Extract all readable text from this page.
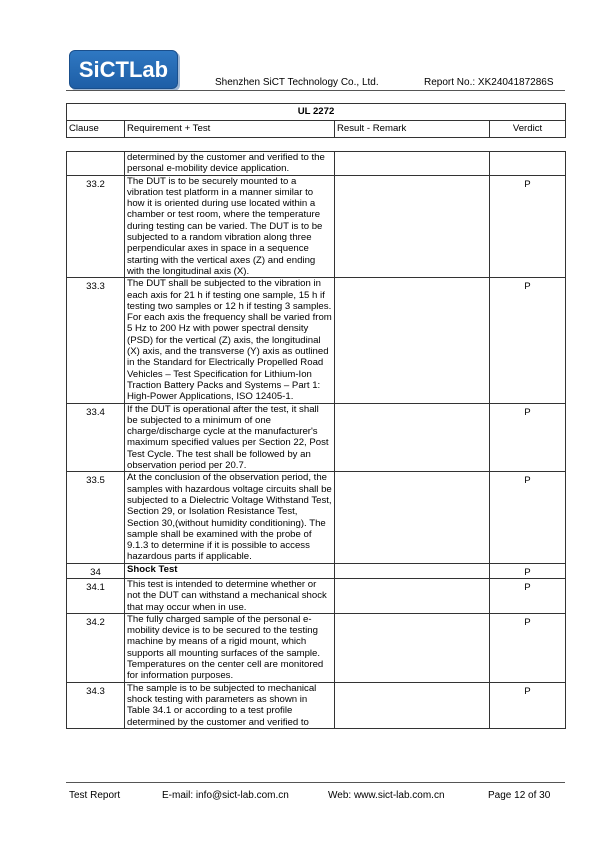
SiCTLab
Shenzhen SiCT Technology Co., Ltd.	Report No.: XK2404187286S
UL 2272
Clause	Requirement + Test	Result - Remark	Verdict
	determined by the customer and verified to the personal e-mobility device application.		
33.2	The DUT is to be securely mounted to a vibration test platform in a manner similar to how it is oriented during use located within a chamber or test room, where the temperature during testing can be varied. The DUT is to be subjected to a random vibration along three perpendicular axes in space in a sequence starting with the vertical axes (Z) and ending with the longitudinal axis (X).		P
33.3	The DUT shall be subjected to the vibration in each axis for 21 h if testing one sample, 15 h if testing two samples or 12 h if testing 3 samples. For each axis the frequency shall be varied from 5 Hz to 200 Hz with power spectral density (PSD) for the vertical (Z) axis, the longitudinal (X) axis, and the transverse (Y) axis as outlined in the Standard for Electrically Propelled Road Vehicles – Test Specification for Lithium-Ion Traction Battery Packs and Systems – Part 1: High-Power Applications, ISO 12405-1.		P
33.4	If the DUT is operational after the test, it shall be subjected to a minimum of one charge/discharge cycle at the manufacturer's maximum specified values per Section 22, Post Test Cycle. The test shall be followed by an observation period per 20.7.		P
33.5	At the conclusion of the observation period, the samples with hazardous voltage circuits shall be subjected to a Dielectric Voltage Withstand Test, Section 29, or Isolation Resistance Test, Section 30,(without humidity conditioning). The sample shall be examined with the probe of 9.1.3 to determine if it is possible to access hazardous parts if applicable.		P
34	Shock Test		P
34.1	This test is intended to determine whether or not the DUT can withstand a mechanical shock that may occur when in use.		P
34.2	The fully charged sample of the personal e-mobility device is to be secured to the testing machine by means of a rigid mount, which supports all mounting surfaces of the sample. Temperatures on the center cell are monitored for information purposes.		P
34.3	The sample is to be subjected to mechanical shock testing with parameters as shown in Table 34.1 or according to a test profile determined by the customer and verified to		P
Test Report	E-mail: info@sict-lab.com.cn	Web: www.sict-lab.com.cn	Page 12 of 30
